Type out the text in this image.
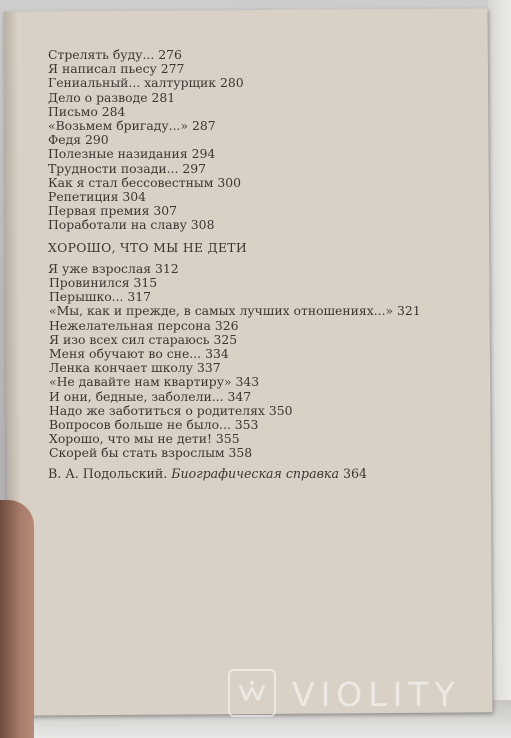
Стрелять буду... 276
Я написал пьесу 277
Гениальный... халтурщик 280
Дело о разводе 281
Письмо 284
«Возьмем бригаду...» 287
Федя 290
Полезные назидания 294
Трудности позади... 297
Как я стал бессовестным 300
Репетиция 304
Первая премия 307
Поработали на славу 308
ХОРОШО, ЧТО МЫ НЕ ДЕТИ
Я уже взрослая 312
Провинился 315
Перышко... 317
«Мы, как и прежде, в самых лучших отношениях...» 321
Нежелательная персона 326
Я изо всех сил стараюсь 325
Меня обучают во сне... 334
Ленка кончает школу 337
«Не давайте нам квартиру» 343
И они, бедные, заболели... 347
Надо же заботиться о родителях 350
Вопросов больше не было... 353
Хорошо, что мы не дети! 355
Скорей бы стать взрослым 358
В. А. Подольский. Биографическая справка 364
VIOLITY
